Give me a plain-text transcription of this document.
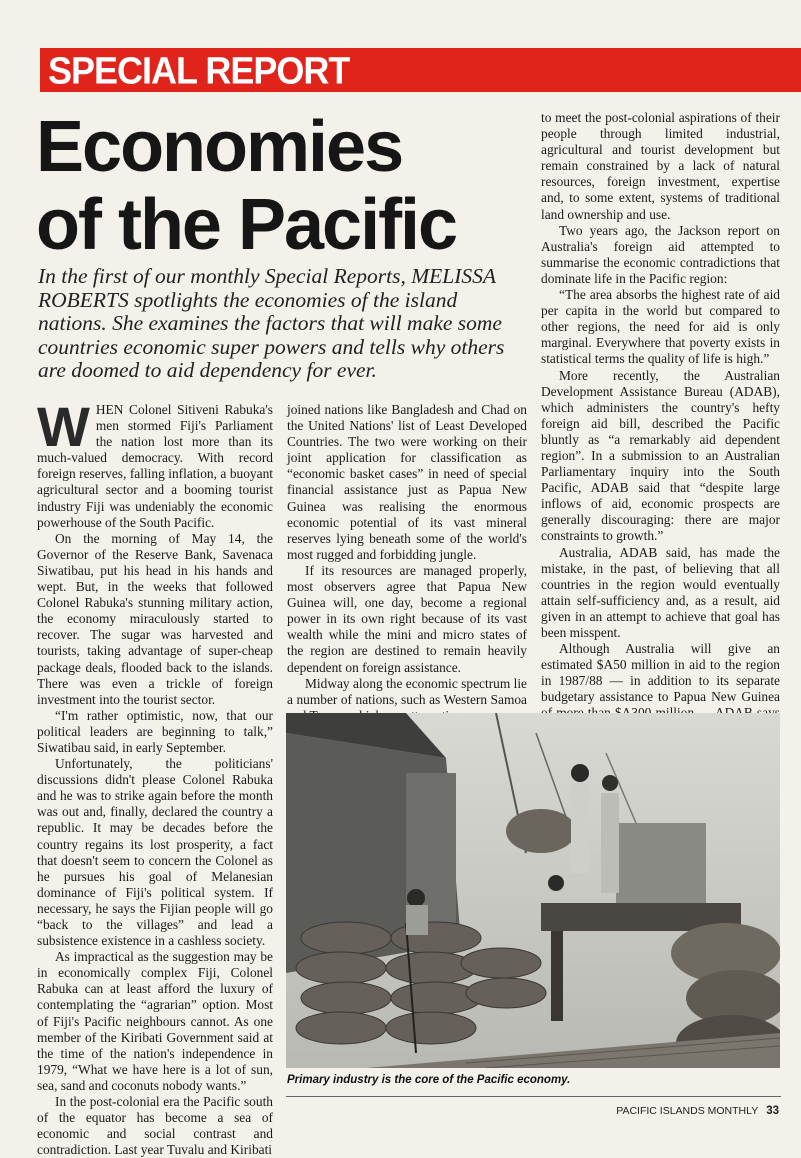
SPECIAL REPORT
Economies
of the Pacific
In the first of our monthly Special Reports, MELISSA ROBERTS spotlights the economies of the island nations. She examines the factors that will make some countries economic super powers and tells why others are doomed to aid dependency for ever.

WHEN Colonel Sitiveni Rabuka's men stormed Fiji's Parliament the nation lost more than its much-valued democracy. With record foreign reserves, falling inflation, a buoyant agricultural sector and a booming tourist industry Fiji was undeniably the economic powerhouse of the South Pacific.

On the morning of May 14, the Governor of the Reserve Bank, Savenaca Siwatibau, put his head in his hands and wept. But, in the weeks that followed Colonel Rabuka's stunning military action, the economy miraculously started to recover. The sugar was harvested and tourists, taking advantage of super-cheap package deals, flooded back to the islands. There was even a trickle of foreign investment into the tourist sector.

“I'm rather optimistic, now, that our political leaders are beginning to talk,” Siwatibau said, in early September.

Unfortunately, the politicians' discussions didn't please Colonel Rabuka and he was to strike again before the month was out and, finally, declared the country a republic. It may be decades before the country regains its lost prosperity, a fact that doesn't seem to concern the Colonel as he pursues his goal of Melanesian dominance of Fiji's political system. If necessary, he says the Fijian people will go “back to the villages” and lead a subsistence existence in a cashless society.

As impractical as the suggestion may be in economically complex Fiji, Colonel Rabuka can at least afford the luxury of contemplating the “agrarian” option. Most of Fiji's Pacific neighbours cannot. As one member of the Kiribati Government said at the time of the nation's independence in 1979, “What we have here is a lot of sun, sea, sand and coconuts nobody wants.”

In the post-colonial era the Pacific south of the equator has become a sea of economic and social contrast and contradiction. Last year Tuvalu and Kiribati

joined nations like Bangladesh and Chad on the United Nations' list of Least Developed Countries. The two were working on their joint application for classification as “economic basket cases” in need of special financial assistance just as Papua New Guinea was realising the enormous economic potential of its vast mineral reserves lying beneath some of the world's most rugged and forbidding jungle.

If its resources are managed properly, most observers agree that Papua New Guinea will, one day, become a regional power in its own right because of its vast wealth while the mini and micro states of the region are destined to remain heavily dependent on foreign assistance.

Midway along the economic spectrum lie a number of nations, such as Western Samoa

to meet the post-colonial aspirations of their people through limited industrial, agricultural and tourist development but remain constrained by a lack of natural resources, foreign investment, expertise and, to some extent, systems of traditional land ownership and use.

Two years ago, the Jackson report on Australia's foreign aid attempted to summarise the economic contradictions that dominate life in the Pacific region:

“The area absorbs the highest rate of aid per capita in the world but compared to other regions, the need for aid is only marginal. Everywhere that poverty exists in statistical terms the quality of life is high.”

More recently, the Australian Development Assistance Bureau (ADAB), which administers the country's hefty foreign aid bill, described the Pacific bluntly as “a remarkably aid dependent region”. In a submission to an Australian Parliamentary inquiry into the South Pacific, ADAB said that “despite large inflows of aid, economic prospects are generally discouraging: there are major constraints to growth.”

Australia, ADAB said, has made the mistake, in the past, of believing that all countries in the region would eventually attain self-sufficiency and, as a result, aid given in an attempt to achieve that goal has been misspent.

Although Australia will give an estimated $A50 million in aid to the region in 1987/88 — in addition to its separate budgetary assistance to Papua New Guinea

Primary industry is the core of the Pacific economy.
PACIFIC ISLANDS MONTHLY 33
